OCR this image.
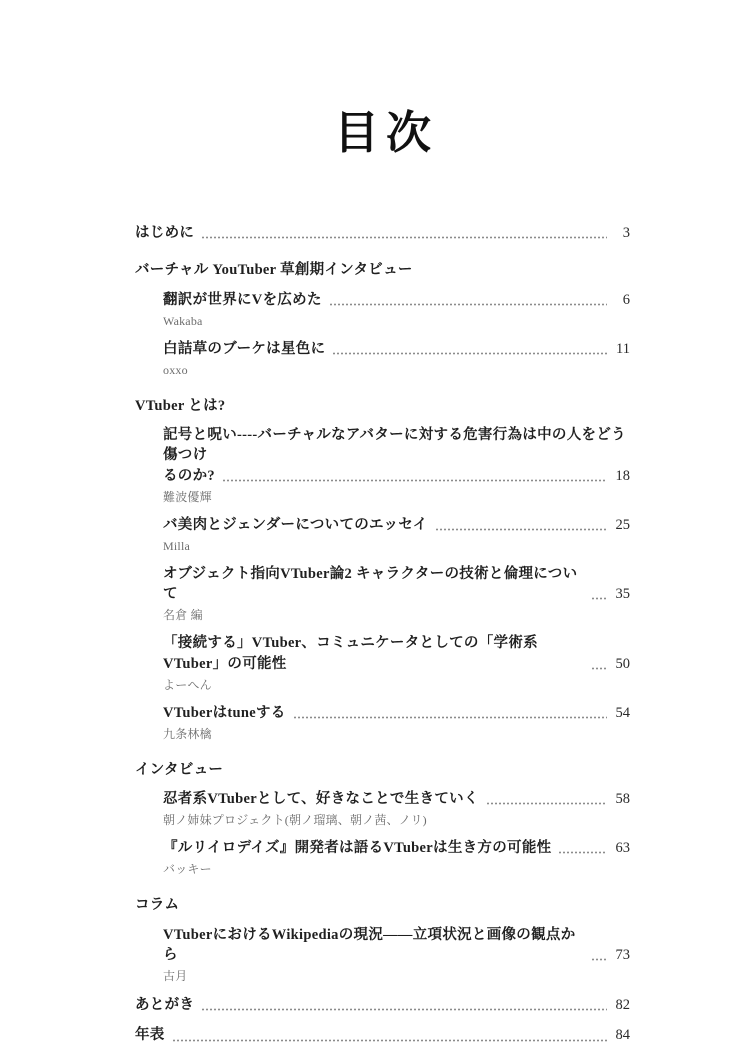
目次
はじめに	3
バーチャル YouTuber 草創期インタビュー
翻訳が世界にVを広めた	6
Wakaba
白詰草のブーケは星色に	11
oxxo
VTuber とは?
記号と呪い----バーチャルなアバターに対する危害行為は中の人をどう傷つけ
るのか?	18
難波優輝
バ美肉とジェンダーについてのエッセイ	25
Milla
オブジェクト指向VTuber論2 キャラクターの技術と倫理について	35
名倉 編
「接続する」VTuber、コミュニケータとしての「学術系VTuber」の可能性	50
よーへん
VTuberはtuneする	54
九条林檎
インタビュー
忍者系VTuberとして、好きなことで生きていく	58
朝ノ姉妹プロジェクト(朝ノ瑠璃、朝ノ茜、ノリ)
『ルリイロデイズ』開発者は語るVTuberは生き方の可能性	63
バッキー
コラム
VTuberにおけるWikipediaの現況——立項状況と画像の観点から	73
古月
あとがき	82
年表	84
